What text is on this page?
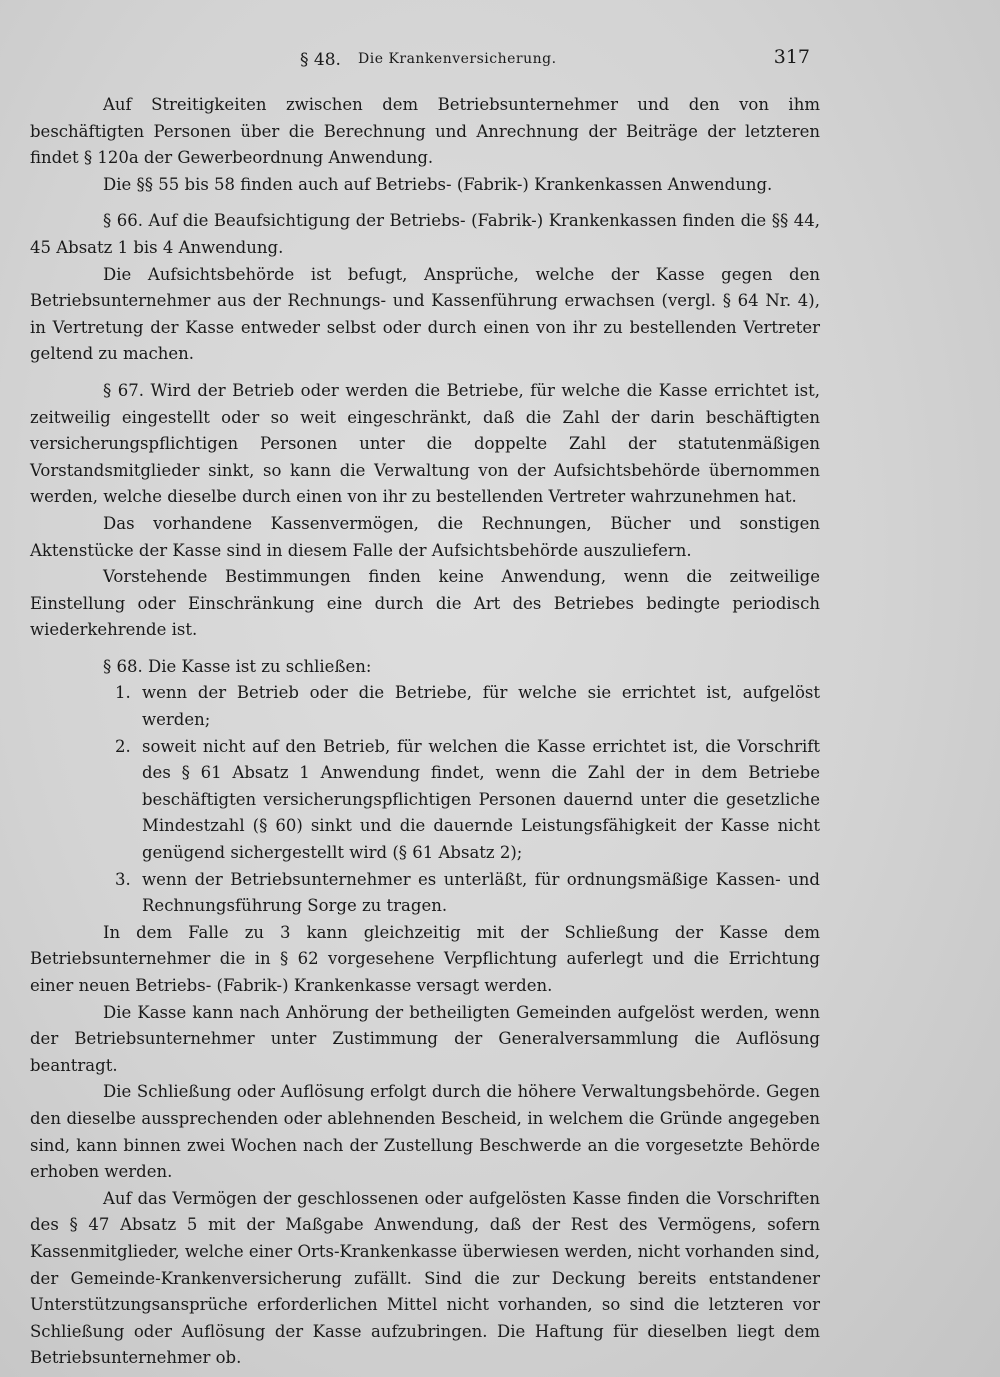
§ 48. Die Krankenversicherung.	317

Auf Streitigkeiten zwischen dem Betriebsunternehmer und den von ihm beschäftigten Personen über die Berechnung und Anrechnung der Beiträge der letzteren findet § 120a der Gewerbeordnung Anwendung.

Die §§ 55 bis 58 finden auch auf Betriebs- (Fabrik-) Krankenkassen Anwendung.

§ 66. Auf die Beaufsichtigung der Betriebs- (Fabrik-) Krankenkassen finden die §§ 44, 45 Absatz 1 bis 4 Anwendung.

Die Aufsichtsbehörde ist befugt, Ansprüche, welche der Kasse gegen den Betriebsunternehmer aus der Rechnungs- und Kassenführung erwachsen (vergl. § 64 Nr. 4), in Vertretung der Kasse entweder selbst oder durch einen von ihr zu bestellenden Vertreter geltend zu machen.

§ 67. Wird der Betrieb oder werden die Betriebe, für welche die Kasse errichtet ist, zeitweilig eingestellt oder so weit eingeschränkt, daß die Zahl der darin beschäftigten versicherungspflichtigen Personen unter die doppelte Zahl der statutenmäßigen Vorstandsmitglieder sinkt, so kann die Verwaltung von der Aufsichtsbehörde übernommen werden, welche dieselbe durch einen von ihr zu bestellenden Vertreter wahrzunehmen hat.

Das vorhandene Kassenvermögen, die Rechnungen, Bücher und sonstigen Aktenstücke der Kasse sind in diesem Falle der Aufsichtsbehörde auszuliefern.

Vorstehende Bestimmungen finden keine Anwendung, wenn die zeitweilige Einstellung oder Einschränkung eine durch die Art des Betriebes bedingte periodisch wiederkehrende ist.

§ 68. Die Kasse ist zu schließen:

1. wenn der Betrieb oder die Betriebe, für welche sie errichtet ist, aufgelöst werden;
2. soweit nicht auf den Betrieb, für welchen die Kasse errichtet ist, die Vorschrift des § 61 Absatz 1 Anwendung findet, wenn die Zahl der in dem Betriebe beschäftigten versicherungspflichtigen Personen dauernd unter die gesetzliche Mindestzahl (§ 60) sinkt und die dauernde Leistungsfähigkeit der Kasse nicht genügend sichergestellt wird (§ 61 Absatz 2);
3. wenn der Betriebsunternehmer es unterläßt, für ordnungsmäßige Kassen- und Rechnungsführung Sorge zu tragen.

In dem Falle zu 3 kann gleichzeitig mit der Schließung der Kasse dem Betriebsunternehmer die in § 62 vorgesehene Verpflichtung auferlegt und die Errichtung einer neuen Betriebs- (Fabrik-) Krankenkasse versagt werden.

Die Kasse kann nach Anhörung der betheiligten Gemeinden aufgelöst werden, wenn der Betriebsunternehmer unter Zustimmung der Generalversammlung die Auflösung beantragt.

Die Schließung oder Auflösung erfolgt durch die höhere Verwaltungsbehörde. Gegen den dieselbe aussprechenden oder ablehnenden Bescheid, in welchem die Gründe angegeben sind, kann binnen zwei Wochen nach der Zustellung Beschwerde an die vorgesetzte Behörde erhoben werden.

Auf das Vermögen der geschlossenen oder aufgelösten Kasse finden die Vorschriften des § 47 Absatz 5 mit der Maßgabe Anwendung, daß der Rest des Vermögens, sofern Kassenmitglieder, welche einer Orts-Krankenkasse überwiesen werden, nicht vorhanden sind, der Gemeinde-Krankenversicherung zufällt. Sind die zur Deckung bereits entstandener Unterstützungsansprüche erforderlichen Mittel nicht vorhanden, so sind die letzteren vor Schließung oder Auflösung der Kasse aufzubringen. Die Haftung für dieselben liegt dem Betriebsunternehmer ob.
